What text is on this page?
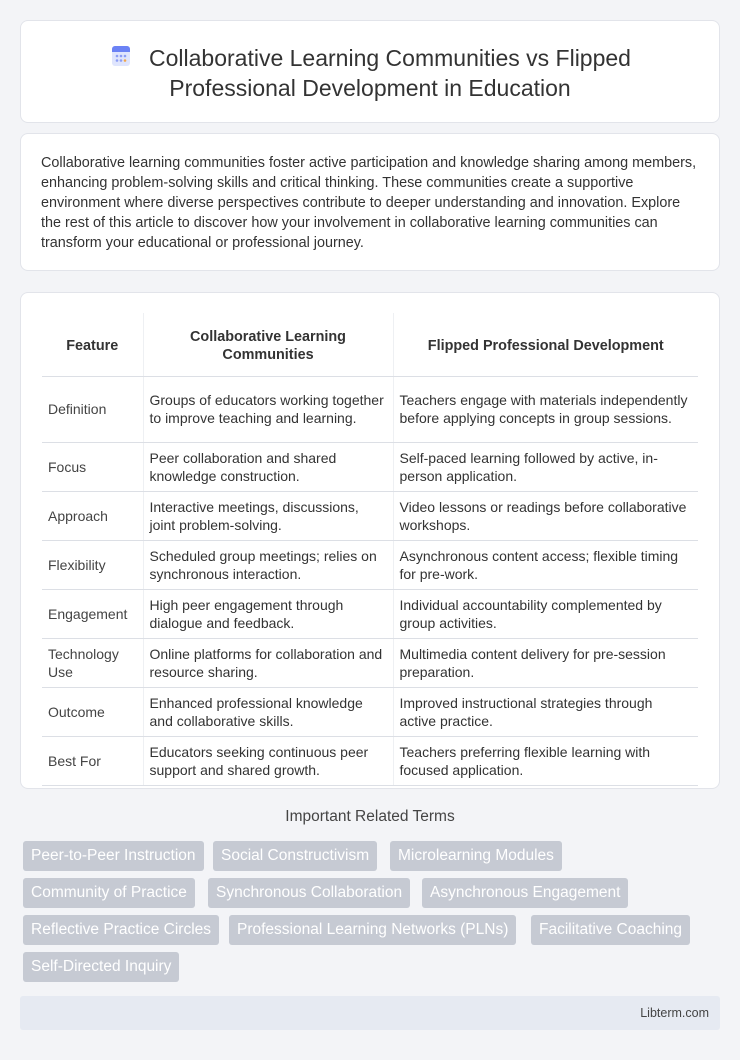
Collaborative Learning Communities vs Flipped
Professional Development in Education

Collaborative learning communities foster active participation and knowledge sharing among members, enhancing problem-solving skills and critical thinking. These communities create a supportive environment where diverse perspectives contribute to deeper understanding and innovation. Explore the rest of this article to discover how your involvement in collaborative learning communities can transform your educational or professional journey.

Feature	Collaborative Learning Communities	Flipped Professional Development
Definition	Groups of educators working together to improve teaching and learning.	Teachers engage with materials independently before applying concepts in group sessions.
Focus	Peer collaboration and shared knowledge construction.	Self-paced learning followed by active, in-person application.
Approach	Interactive meetings, discussions, joint problem-solving.	Video lessons or readings before collaborative workshops.
Flexibility	Scheduled group meetings; relies on synchronous interaction.	Asynchronous content access; flexible timing for pre-work.
Engagement	High peer engagement through dialogue and feedback.	Individual accountability complemented by group activities.
Technology Use	Online platforms for collaboration and resource sharing.	Multimedia content delivery for pre-session preparation.
Outcome	Enhanced professional knowledge and collaborative skills.	Improved instructional strategies through active practice.
Best For	Educators seeking continuous peer support and shared growth.	Teachers preferring flexible learning with focused application.
Important Related Terms
Peer-to-Peer Instruction	Social Constructivism	Microlearning Modules
Community of Practice	Synchronous Collaboration	Asynchronous Engagement
Reflective Practice Circles	Professional Learning Networks (PLNs)	Facilitative Coaching
Self-Directed Inquiry
Libterm.com
